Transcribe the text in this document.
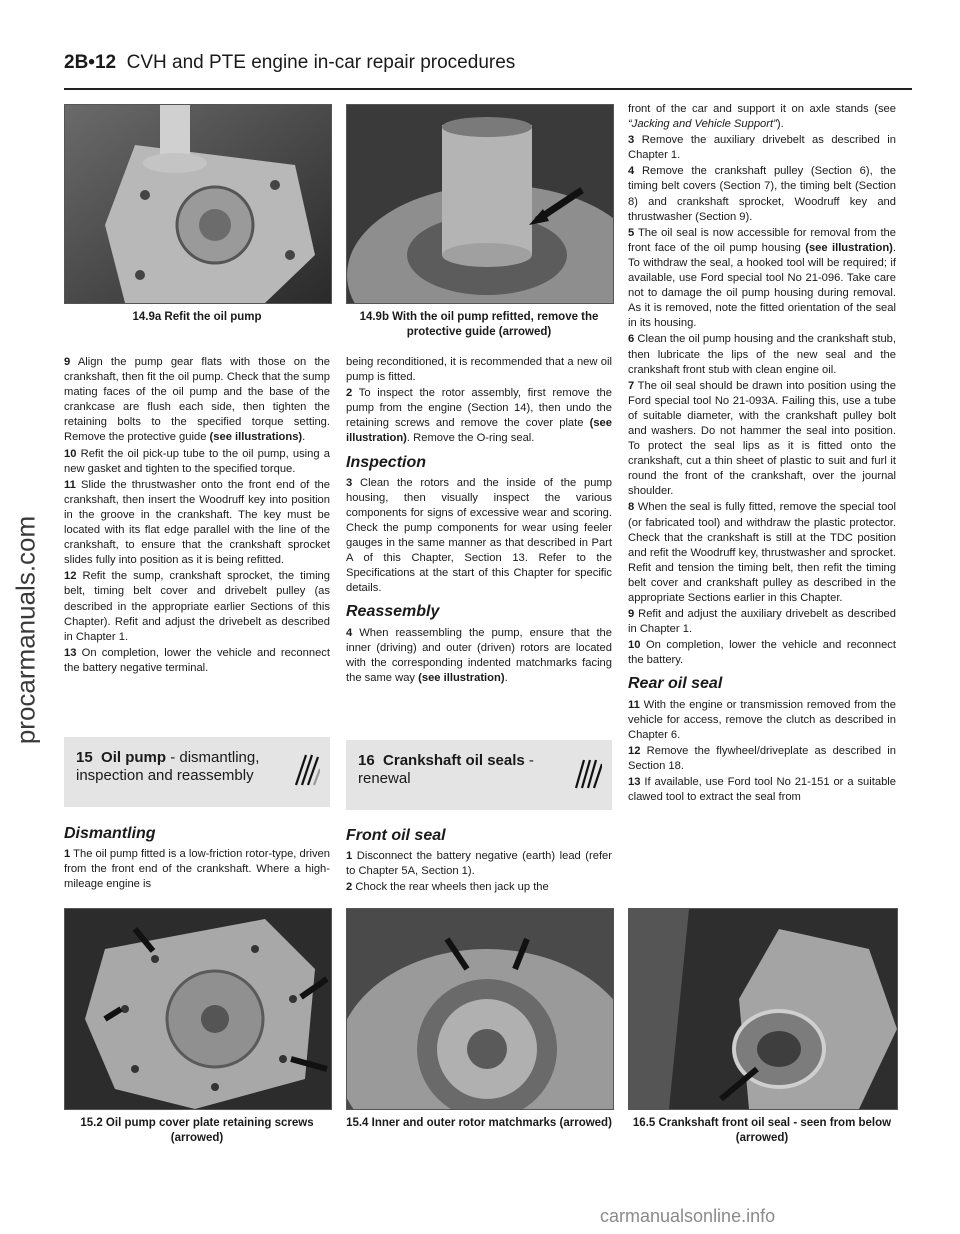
2B•12 CVH and PTE engine in-car repair procedures
procarmanuals.com
14.9a Refit the oil pump	14.9b With the oil pump refitted, remove the protective guide (arrowed)

9 Align the pump gear flats with those on the crankshaft, then fit the oil pump. Check that the sump mating faces of the oil pump and the base of the crankcase are flush each side, then tighten the retaining bolts to the specified torque setting. Remove the protective guide (see illustrations).

10 Refit the oil pick-up tube to the oil pump, using a new gasket and tighten to the specified torque.

11 Slide the thrustwasher onto the front end of the crankshaft, then insert the Woodruff key into position in the groove in the crankshaft. The key must be located with its flat edge parallel with the line of the crankshaft, to ensure that the crankshaft sprocket slides fully into position as it is being refitted.

12 Refit the sump, crankshaft sprocket, the timing belt, timing belt cover and drivebelt pulley (as described in the appropriate earlier Sections of this Chapter). Refit and adjust the drivebelt as described in Chapter 1.

13 On completion, lower the vehicle and reconnect the battery negative terminal.

15 Oil pump - dismantling, inspection and reassembly
Dismantling

1 The oil pump fitted is a low-friction rotor-type, driven from the front end of the crankshaft. Where a high-mileage engine is

being reconditioned, it is recommended that a new oil pump is fitted.

2 To inspect the rotor assembly, first remove the pump from the engine (Section 14), then undo the retaining screws and remove the cover plate (see illustration). Remove the O-ring seal.

Inspection

3 Clean the rotors and the inside of the pump housing, then visually inspect the various components for signs of excessive wear and scoring. Check the pump components for wear using feeler gauges in the same manner as that described in Part A of this Chapter, Section 13. Refer to the Specifications at the start of this Chapter for specific details.

Reassembly

4 When reassembling the pump, ensure that the inner (driving) and outer (driven) rotors are located with the corresponding indented matchmarks facing the same way (see illustration).

16 Crankshaft oil seals - renewal
Front oil seal

1 Disconnect the battery negative (earth) lead (refer to Chapter 5A, Section 1).

2 Chock the rear wheels then jack up the

front of the car and support it on axle stands (see “Jacking and Vehicle Support”).

3 Remove the auxiliary drivebelt as described in Chapter 1.

4 Remove the crankshaft pulley (Section 6), the timing belt covers (Section 7), the timing belt (Section 8) and crankshaft sprocket, Woodruff key and thrustwasher (Section 9).

5 The oil seal is now accessible for removal from the front face of the oil pump housing (see illustration). To withdraw the seal, a hooked tool will be required; if available, use Ford special tool No 21-096. Take care not to damage the oil pump housing during removal. As it is removed, note the fitted orientation of the seal in its housing.

6 Clean the oil pump housing and the crankshaft stub, then lubricate the lips of the new seal and the crankshaft front stub with clean engine oil.

7 The oil seal should be drawn into position using the Ford special tool No 21-093A. Failing this, use a tube of suitable diameter, with the crankshaft pulley bolt and washers. Do not hammer the seal into position. To protect the seal lips as it is fitted onto the crankshaft, cut a thin sheet of plastic to suit and furl it round the front of the crankshaft, over the journal shoulder.

8 When the seal is fully fitted, remove the special tool (or fabricated tool) and withdraw the plastic protector. Check that the crankshaft is still at the TDC position and refit the Woodruff key, thrustwasher and sprocket. Refit and tension the timing belt, then refit the timing belt cover and crankshaft pulley as described in the appropriate Sections earlier in this Chapter.

9 Refit and adjust the auxiliary drivebelt as described in Chapter 1.

10 On completion, lower the vehicle and reconnect the battery.

Rear oil seal

11 With the engine or transmission removed from the vehicle for access, remove the clutch as described in Chapter 6.

12 Remove the flywheel/driveplate as described in Section 18.

13 If available, use Ford tool No 21-151 or a suitable clawed tool to extract the seal from

15.2 Oil pump cover plate retaining screws (arrowed)
15.4 Inner and outer rotor matchmarks (arrowed)	16.5 Crankshaft front oil seal - seen from below (arrowed)
carmanualsonline.info
